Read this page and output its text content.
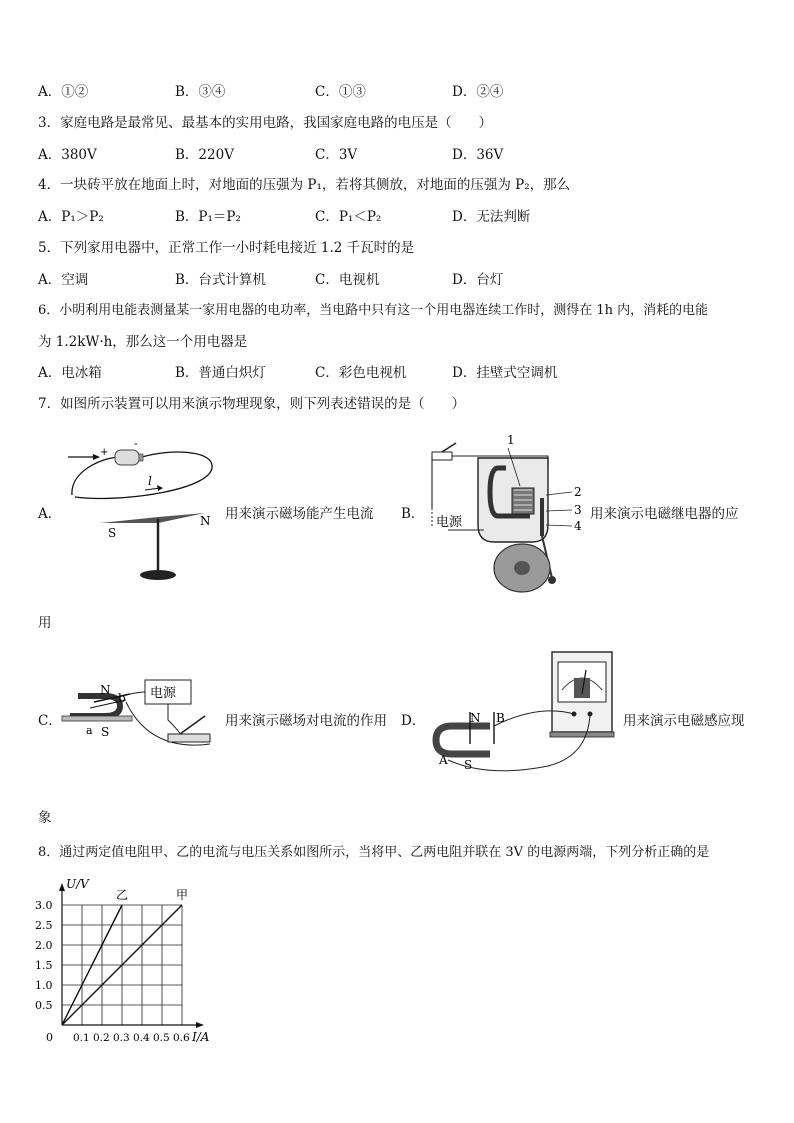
A．①②	B．③④	C．①③	D．②④
3．家庭电路是最常见、最基本的实用电路，我国家庭电路的电压是（　　）
A．380V	B．220V	C．3V	D．36V
4．一块砖平放在地面上时，对地面的压强为 P₁，若将其侧放，对地面的压强为 P₂，那么
A．P₁＞P₂	B．P₁＝P₂	C．P₁＜P₂	D．无法判断
5．下列家用电器中，正常工作一小时耗电接近 1.2 千瓦时的是
A．空调	B．台式计算机	C．电视机	D．台灯
6．小明利用电能表测量某一家用电器的电功率，当电路中只有这一个用电器连续工作时，测得在 1h 内，消耗的电能
为 1.2kW·h，那么这一个用电器是
A．电冰箱	B．普通白炽灯	C．彩色电视机	D．挂壁式空调机
7．如图所示装置可以用来演示物理现象，则下列表述错误的是（　　）
A．
+
-
l
S
N 用来演示磁场能产生电流 B．
1
2
3
4
电源
用来演示电磁继电器的应
用
C．
电源
N
b
a S
用来演示磁场对电流的作用 D．	N B
A S
用来演示电磁感应现
象
8．通过两定值电阻甲、乙的电流与电压关系如图所示，当将甲、乙两电阻并联在 3V 的电源两端，下列分析正确的是
乙	甲
0.1 0.2 0.3 0.4 0.5 0.6
0.5
1.0
1.5
2.0
2.5
3.0
0
U/V
I/A
